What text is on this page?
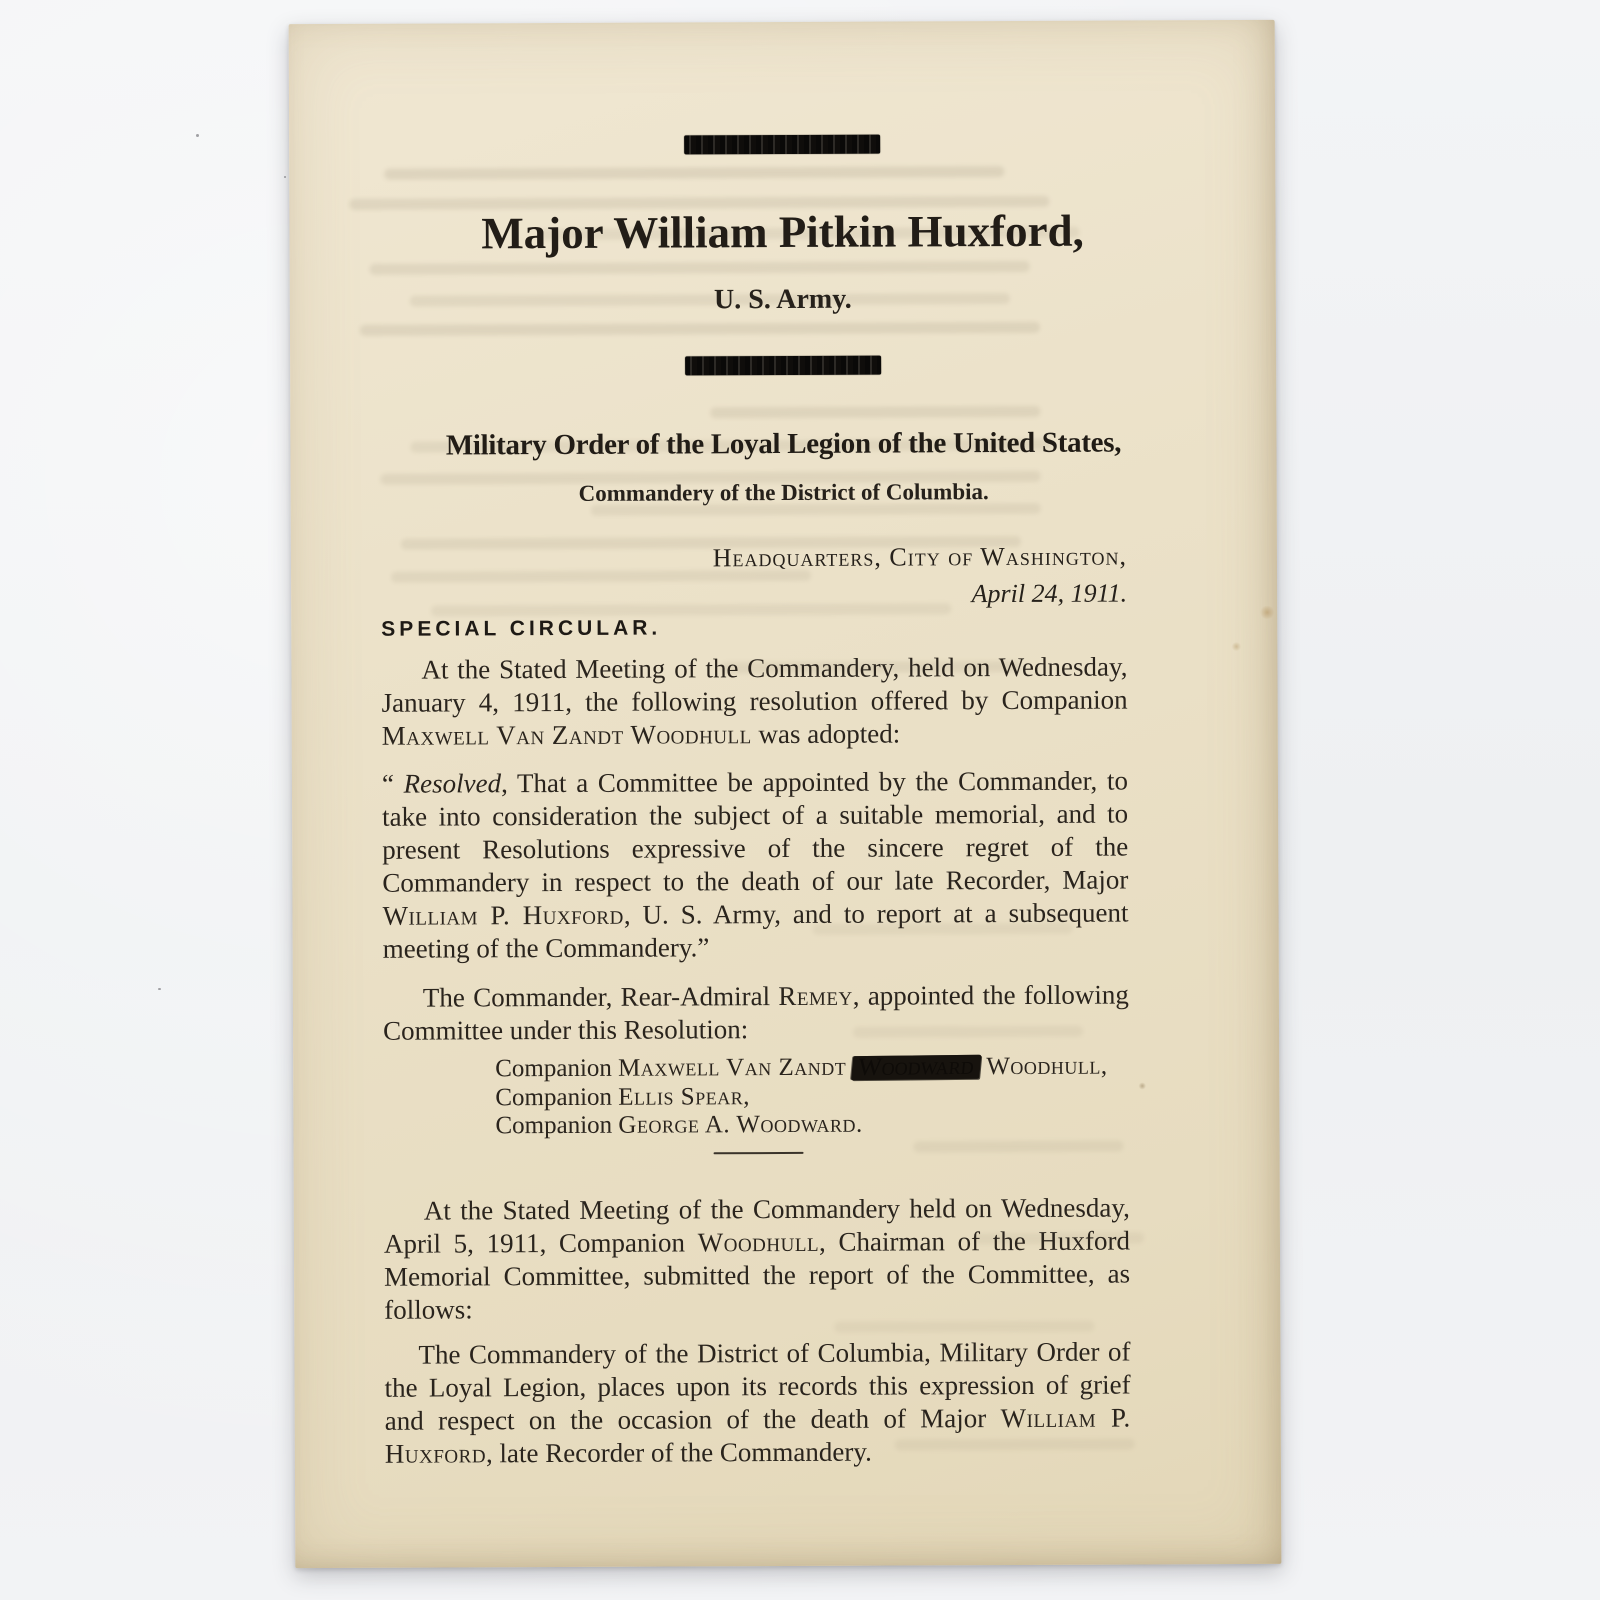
Major William Pitkin Huxford,
U. S. Army.
Military Order of the Loyal Legion of the United States,
Commandery of the District of Columbia.
Headquarters, City of Washington,
April 24, 1911.
SPECIAL CIRCULAR.

At the Stated Meeting of the Commandery, held on Wednesday, January 4, 1911, the following resolution offered by Companion Maxwell Van Zandt Woodhull was adopted:

“ Resolved, That a Committee be appointed by the Commander, to take into consideration the subject of a suitable memorial, and to present Resolutions expressive of the sincere regret of the Commandery in respect to the death of our late Recorder, Major William P. Huxford, U. S. Army, and to report at a subsequent meeting of the Commandery.”

The Commander, Rear-Admiral Remey, appointed the following Committee under this Resolution:

Companion Maxwell Van Zandt Woodward Woodhull,
Companion Ellis Spear,
Companion George A. Woodward.

At the Stated Meeting of the Commandery held on Wednesday, April 5, 1911, Companion Woodhull, Chairman of the Huxford Memorial Committee, submitted the report of the Committee, as follows:

The Commandery of the District of Columbia, Military Order of the Loyal Legion, places upon its records this expression of grief and respect on the occasion of the death of Major William P. Huxford, late Recorder of the Commandery.
